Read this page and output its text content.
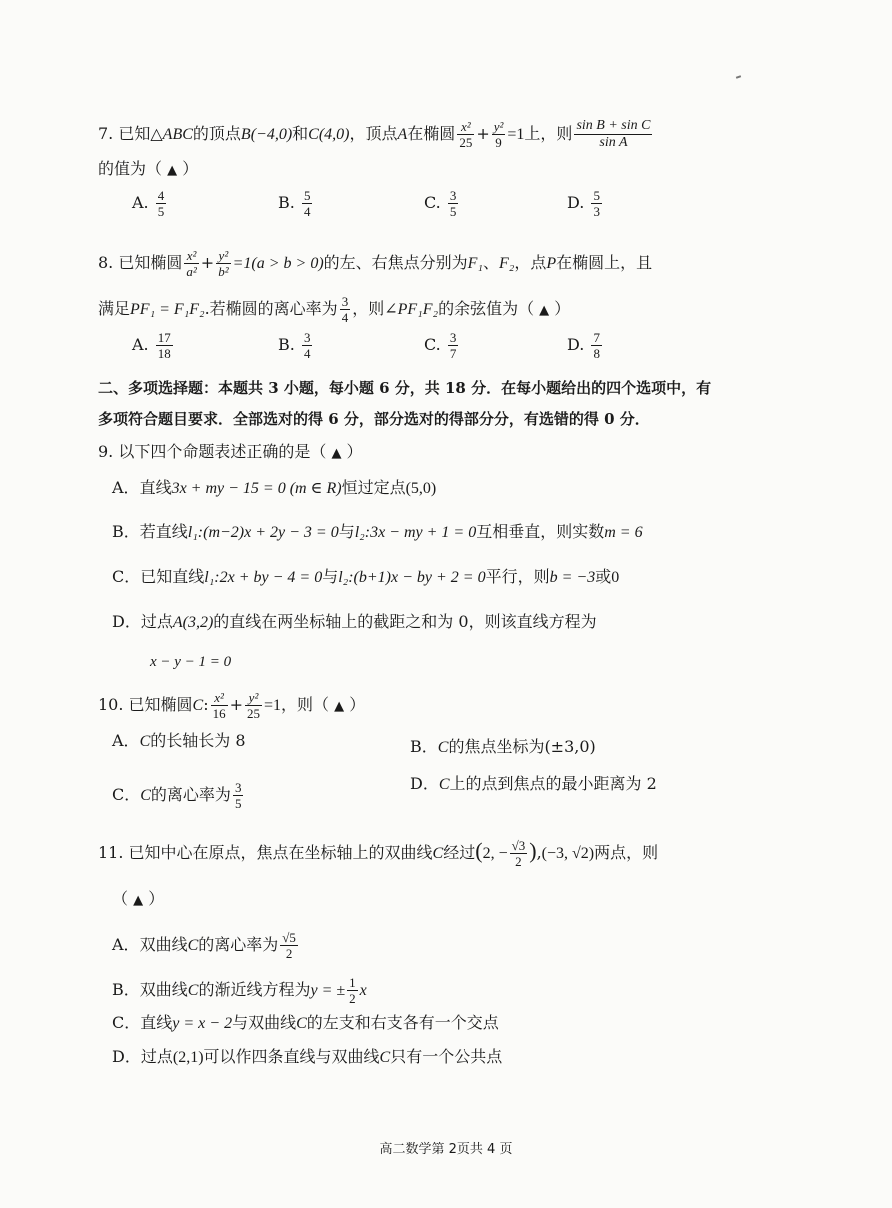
7. 已知△ABC的顶点B(−4,0)和C(4,0)，顶点A在椭圆 $\frac{\text{x²}}{25} + \frac{\text{y²}}{9} =1$上，则 $\frac{\text{sin B + sin C}}{\text{sin A}}$
的值为（ ▲ ）
A. $\frac{4}{5}$	B. $\frac{5}{4}$	C. $\frac{3}{5}$	D. $\frac{5}{3}$
8. 已知椭圆 $\frac{\text{x²}}{\text{a²}} + \frac{\text{y²}}{\text{b²}} =1(a > b > 0)$的左、右焦点分别为F₁、F₂，点P在椭圆上，且
满足PF₁ = F₁F₂.若椭圆的离心率为 $\frac{3}{4}$ ，则∠PF₁F₂的余弦值为（ ▲ ）
A. $\frac{17}{18}$	B. $\frac{3}{4}$	C. $\frac{3}{7}$	D. $\frac{7}{8}$
二、多项选择题：本题共 3 小题，每小题 6 分，共 18 分．在每小题给出的四个选项中，有
多项符合题目要求．全部选对的得 6 分，部分选对的得部分分，有选错的得 0 分．
9. 以下四个命题表述正确的是（ ▲ ）
A．直线3x + my − 15 = 0 (m ∈ R)恒过定点(5,0)
B．若直线l₁:(m−2)x + 2y − 3 = 0与l₂:3x − my + 1 = 0互相垂直，则实数m = 6
C．已知直线l₁:2x + by − 4 = 0与l₂:(b+1)x − by + 2 = 0平行，则b = −3或0
D．过点A(3,2)的直线在两坐标轴上的截距之和为 0，则该直线方程为
x − y − 1 = 0
10. 已知椭圆C: $\frac{\text{x²}}{16} + \frac{\text{y²}}{25} =1$，则（ ▲ ）
A．C的长轴长为 8	B．C的焦点坐标为(±3,0)
C．C的离心率为 $\frac{3}{5}$	D．C上的点到焦点的最小距离为 2
11. 已知中心在原点，焦点在坐标轴上的双曲线C经过(2, − $\frac{√3}{2} ),(-3$, √2)两点，则
（ ▲ ）
A．双曲线C的离心率为 $\frac{√5}{2}$
B．双曲线C的渐近线方程为y = ± $\frac{1}{2}$ x
C．直线y = x − 2与双曲线C的左支和右支各有一个交点
D．过点(2,1)可以作四条直线与双曲线C只有一个公共点
高二数学第 2页共 4 页
